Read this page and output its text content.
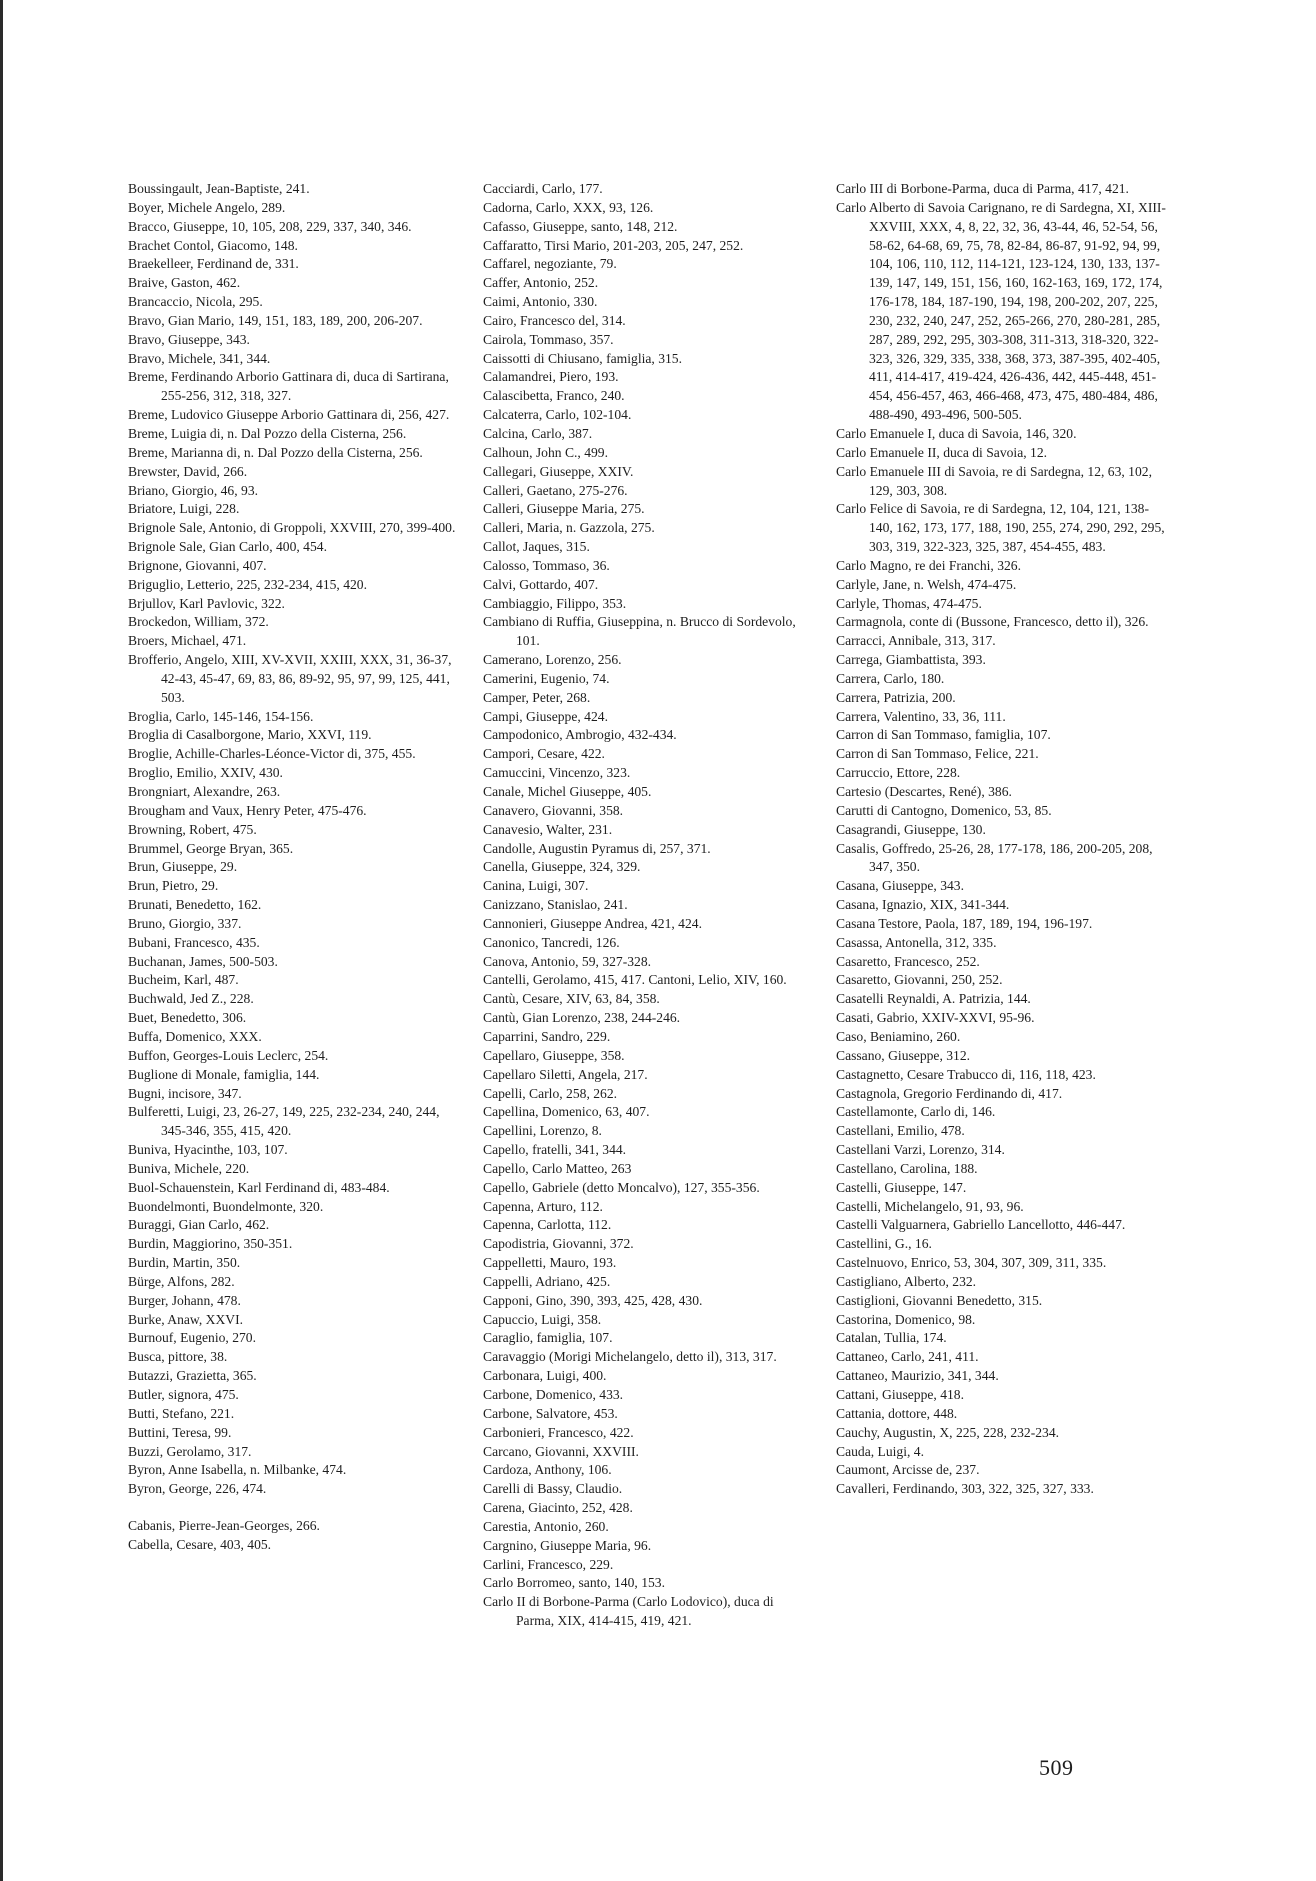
Boussingault, Jean-Baptiste, 241.

Boyer, Michele Angelo, 289.

Bracco, Giuseppe, 10, 105, 208, 229, 337, 340, 346.

Brachet Contol, Giacomo, 148.

Braekelleer, Ferdinand de, 331.

Braive, Gaston, 462.

Brancaccio, Nicola, 295.

Bravo, Gian Mario, 149, 151, 183, 189, 200, 206-207.

Bravo, Giuseppe, 343.

Bravo, Michele, 341, 344.

Breme, Ferdinando Arborio Gattinara di, duca di Sartirana, 255-256, 312, 318, 327.

Breme, Ludovico Giuseppe Arborio Gattinara di, 256, 427.

Breme, Luigia di, n. Dal Pozzo della Cisterna, 256.

Breme, Marianna di, n. Dal Pozzo della Cisterna, 256.

Brewster, David, 266.

Briano, Giorgio, 46, 93.

Briatore, Luigi, 228.

Brignole Sale, Antonio, di Groppoli, XXVIII, 270, 399-400.

Brignole Sale, Gian Carlo, 400, 454.

Brignone, Giovanni, 407.

Briguglio, Letterio, 225, 232-234, 415, 420.

Brjullov, Karl Pavlovic, 322.

Brockedon, William, 372.

Broers, Michael, 471.

Brofferio, Angelo, XIII, XV-XVII, XXIII, XXX, 31, 36-37, 42-43, 45-47, 69, 83, 86, 89-92, 95, 97, 99, 125, 441, 503.

Broglia, Carlo, 145-146, 154-156.

Broglia di Casalborgone, Mario, XXVI, 119.

Broglie, Achille-Charles-Léonce-Victor di, 375, 455.

Broglio, Emilio, XXIV, 430.

Brongniart, Alexandre, 263.

Brougham and Vaux, Henry Peter, 475-476.

Browning, Robert, 475.

Brummel, George Bryan, 365.

Brun, Giuseppe, 29.

Brun, Pietro, 29.

Brunati, Benedetto, 162.

Bruno, Giorgio, 337.

Bubani, Francesco, 435.

Buchanan, James, 500-503.

Bucheim, Karl, 487.

Buchwald, Jed Z., 228.

Buet, Benedetto, 306.

Buffa, Domenico, XXX.

Buffon, Georges-Louis Leclerc, 254.

Buglione di Monale, famiglia, 144.

Bugni, incisore, 347.

Bulferetti, Luigi, 23, 26-27, 149, 225, 232-234, 240, 244, 345-346, 355, 415, 420.

Buniva, Hyacinthe, 103, 107.

Buniva, Michele, 220.

Buol-Schauenstein, Karl Ferdinand di, 483-484.

Buondelmonti, Buondelmonte, 320.

Buraggi, Gian Carlo, 462.

Burdin, Maggiorino, 350-351.

Burdin, Martin, 350.

Bürge, Alfons, 282.

Burger, Johann, 478.

Burke, Anaw, XXVI.

Burnouf, Eugenio, 270.

Busca, pittore, 38.

Butazzi, Grazietta, 365.

Butler, signora, 475.

Butti, Stefano, 221.

Buttini, Teresa, 99.

Buzzi, Gerolamo, 317.

Byron, Anne Isabella, n. Milbanke, 474.

Byron, George, 226, 474.

Cabanis, Pierre-Jean-Georges, 266.

Cabella, Cesare, 403, 405.

Cacciardi, Carlo, 177.

Cadorna, Carlo, XXX, 93, 126.

Cafasso, Giuseppe, santo, 148, 212.

Caffaratto, Tirsi Mario, 201-203, 205, 247, 252.

Caffarel, negoziante, 79.

Caffer, Antonio, 252.

Caimi, Antonio, 330.

Cairo, Francesco del, 314.

Cairola, Tommaso, 357.

Caissotti di Chiusano, famiglia, 315.

Calamandrei, Piero, 193.

Calascibetta, Franco, 240.

Calcaterra, Carlo, 102-104.

Calcina, Carlo, 387.

Calhoun, John C., 499.

Callegari, Giuseppe, XXIV.

Calleri, Gaetano, 275-276.

Calleri, Giuseppe Maria, 275.

Calleri, Maria, n. Gazzola, 275.

Callot, Jaques, 315.

Calosso, Tommaso, 36.

Calvi, Gottardo, 407.

Cambiaggio, Filippo, 353.

Cambiano di Ruffia, Giuseppina, n. Brucco di Sordevolo, 101.

Camerano, Lorenzo, 256.

Camerini, Eugenio, 74.

Camper, Peter, 268.

Campi, Giuseppe, 424.

Campodonico, Ambrogio, 432-434.

Campori, Cesare, 422.

Camuccini, Vincenzo, 323.

Canale, Michel Giuseppe, 405.

Canavero, Giovanni, 358.

Canavesio, Walter, 231.

Candolle, Augustin Pyramus di, 257, 371.

Canella, Giuseppe, 324, 329.

Canina, Luigi, 307.

Canizzano, Stanislao, 241.

Cannonieri, Giuseppe Andrea, 421, 424.

Canonico, Tancredi, 126.

Canova, Antonio, 59, 327-328.

Cantelli, Gerolamo, 415, 417. Cantoni, Lelio, XIV, 160.

Cantù, Cesare, XIV, 63, 84, 358.

Cantù, Gian Lorenzo, 238, 244-246.

Caparrini, Sandro, 229.

Capellaro, Giuseppe, 358.

Capellaro Siletti, Angela, 217.

Capelli, Carlo, 258, 262.

Capellina, Domenico, 63, 407.

Capellini, Lorenzo, 8.

Capello, fratelli, 341, 344.

Capello, Carlo Matteo, 263

Capello, Gabriele (detto Moncalvo), 127, 355-356.

Capenna, Arturo, 112.

Capenna, Carlotta, 112.

Capodistria, Giovanni, 372.

Cappelletti, Mauro, 193.

Cappelli, Adriano, 425.

Capponi, Gino, 390, 393, 425, 428, 430.

Capuccio, Luigi, 358.

Caraglio, famiglia, 107.

Caravaggio (Morigi Michelangelo, detto il), 313, 317.

Carbonara, Luigi, 400.

Carbone, Domenico, 433.

Carbone, Salvatore, 453.

Carbonieri, Francesco, 422.

Carcano, Giovanni, XXVIII.

Cardoza, Anthony, 106.

Carelli di Bassy, Claudio.

Carena, Giacinto, 252, 428.

Carestia, Antonio, 260.

Cargnino, Giuseppe Maria, 96.

Carlini, Francesco, 229.

Carlo Borromeo, santo, 140, 153.

Carlo II di Borbone-Parma (Carlo Lodovico), duca di Parma, XIX, 414-415, 419, 421.

Carlo III di Borbone-Parma, duca di Parma, 417, 421.

Carlo Alberto di Savoia Carignano, re di Sardegna, XI, XIII-XXVIII, XXX, 4, 8, 22, 32, 36, 43-44, 46, 52-54, 56, 58-62, 64-68, 69, 75, 78, 82-84, 86-87, 91-92, 94, 99, 104, 106, 110, 112, 114-121, 123-124, 130, 133, 137-139, 147, 149, 151, 156, 160, 162-163, 169, 172, 174, 176-178, 184, 187-190, 194, 198, 200-202, 207, 225, 230, 232, 240, 247, 252, 265-266, 270, 280-281, 285, 287, 289, 292, 295, 303-308, 311-313, 318-320, 322-323, 326, 329, 335, 338, 368, 373, 387-395, 402-405, 411, 414-417, 419-424, 426-436, 442, 445-448, 451-454, 456-457, 463, 466-468, 473, 475, 480-484, 486, 488-490, 493-496, 500-505.

Carlo Emanuele I, duca di Savoia, 146, 320.

Carlo Emanuele II, duca di Savoia, 12.

Carlo Emanuele III di Savoia, re di Sardegna, 12, 63, 102, 129, 303, 308.

Carlo Felice di Savoia, re di Sardegna, 12, 104, 121, 138-140, 162, 173, 177, 188, 190, 255, 274, 290, 292, 295, 303, 319, 322-323, 325, 387, 454-455, 483.

Carlo Magno, re dei Franchi, 326.

Carlyle, Jane, n. Welsh, 474-475.

Carlyle, Thomas, 474-475.

Carmagnola, conte di (Bussone, Francesco, detto il), 326.

Carracci, Annibale, 313, 317.

Carrega, Giambattista, 393.

Carrera, Carlo, 180.

Carrera, Patrizia, 200.

Carrera, Valentino, 33, 36, 111.

Carron di San Tommaso, famiglia, 107.

Carron di San Tommaso, Felice, 221.

Carruccio, Ettore, 228.

Cartesio (Descartes, René), 386.

Carutti di Cantogno, Domenico, 53, 85.

Casagrandi, Giuseppe, 130.

Casalis, Goffredo, 25-26, 28, 177-178, 186, 200-205, 208, 347, 350.

Casana, Giuseppe, 343.

Casana, Ignazio, XIX, 341-344.

Casana Testore, Paola, 187, 189, 194, 196-197.

Casassa, Antonella, 312, 335.

Casaretto, Francesco, 252.

Casaretto, Giovanni, 250, 252.

Casatelli Reynaldi, A. Patrizia, 144.

Casati, Gabrio, XXIV-XXVI, 95-96.

Caso, Beniamino, 260.

Cassano, Giuseppe, 312.

Castagnetto, Cesare Trabucco di, 116, 118, 423.

Castagnola, Gregorio Ferdinando di, 417.

Castellamonte, Carlo di, 146.

Castellani, Emilio, 478.

Castellani Varzi, Lorenzo, 314.

Castellano, Carolina, 188.

Castelli, Giuseppe, 147.

Castelli, Michelangelo, 91, 93, 96.

Castelli Valguarnera, Gabriello Lancellotto, 446-447.

Castellini, G., 16.

Castelnuovo, Enrico, 53, 304, 307, 309, 311, 335.

Castigliano, Alberto, 232.

Castiglioni, Giovanni Benedetto, 315.

Castorina, Domenico, 98.

Catalan, Tullia, 174.

Cattaneo, Carlo, 241, 411.

Cattaneo, Maurizio, 341, 344.

Cattani, Giuseppe, 418.

Cattania, dottore, 448.

Cauchy, Augustin, X, 225, 228, 232-234.

Cauda, Luigi, 4.

Caumont, Arcisse de, 237.

Cavalleri, Ferdinando, 303, 322, 325, 327, 333.

509
